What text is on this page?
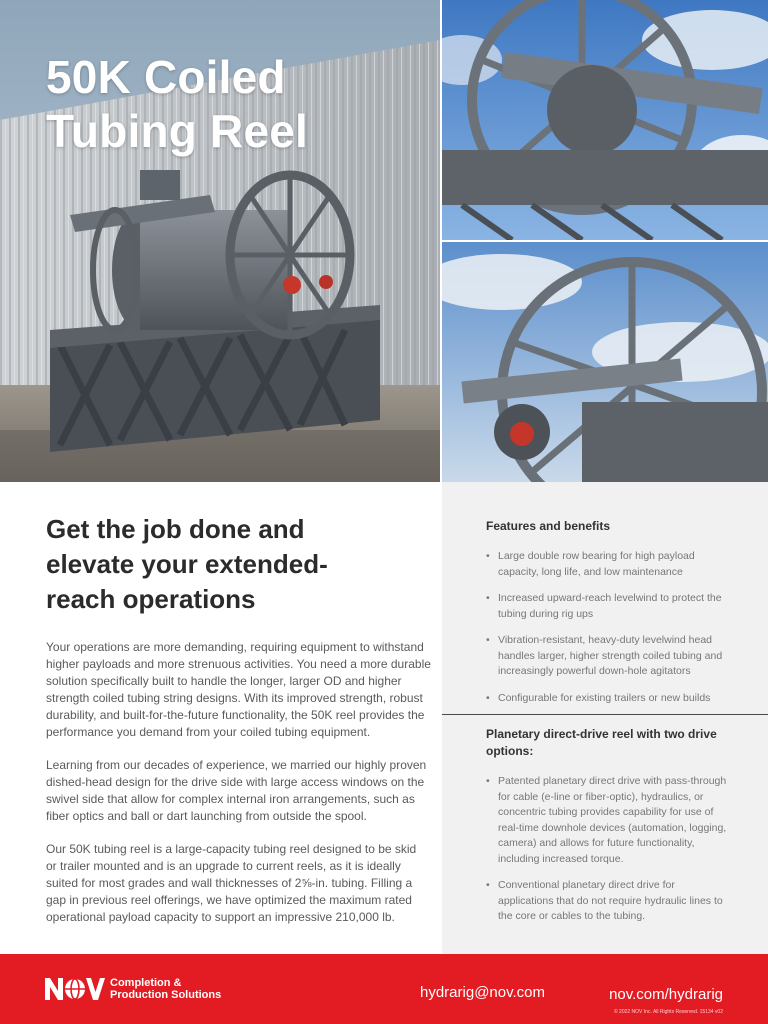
50K Coiled
Tubing Reel
Get the job done and
elevate your extended-
reach operations

Your operations are more demanding, requiring equipment to withstand
higher payloads and more strenuous activities. You need a more durable
solution specifically built to handle the longer, larger OD and higher
strength coiled tubing string designs. With its improved strength, robust
durability, and built-for-the-future functionality, the 50K reel provides the
performance you demand from your coiled tubing equipment.

Learning from our decades of experience, we married our highly proven
dished-head design for the drive side with large access windows on the
swivel side that allow for complex internal iron arrangements, such as
fiber optics and ball or dart launching from outside the spool.

Our 50K tubing reel is a large-capacity tubing reel designed to be skid
or trailer mounted and is an upgrade to current reels, as it is ideally
suited for most grades and wall thicknesses of 2⅝-in. tubing. Filling a
gap in previous reel offerings, we have optimized the maximum rated
operational payload capacity to support an impressive 210,000 lb.

Features and benefits
• Large double row bearing for high payload
capacity, long life, and low maintenance
• Increased upward-reach levelwind to protect the
tubing during rig ups
• Vibration-resistant, heavy-duty levelwind head
handles larger, higher strength coiled tubing and
increasingly powerful down-hole agitators
• Configurable for existing trailers or new builds
Planetary direct-drive reel with two drive
options:
• Patented planetary direct drive with pass-through
for cable (e-line or fiber-optic), hydraulics, or
concentric tubing provides capability for use of
real-time downhole devices (automation, logging,
camera) and allows for future functionality,
including increased torque.
• Conventional planetary direct drive for
applications that do not require hydraulic lines to
the core or cables to the tubing.
Completion &
Production Solutions	hydrarig@nov.com	nov.com/hydrarig
© 2022 NOV Inc. All Rights Reserved. 15134 v02
